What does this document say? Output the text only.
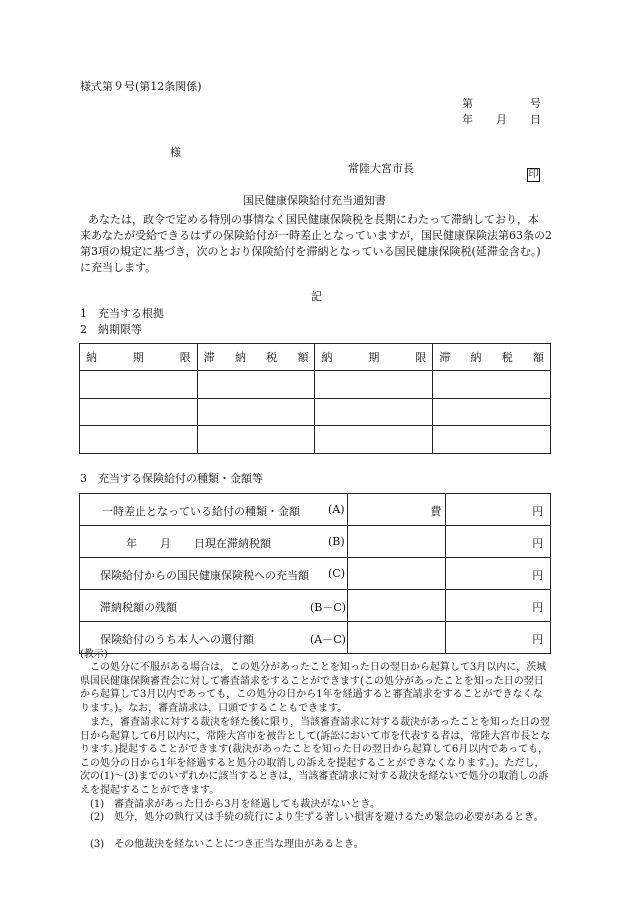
様式第９号(第12条関係)
第	号
年 月 日
様
常陸大宮市長	印
国民健康保険給付充当通知書
あなたは，政令で定める特別の事情なく国民健康保険税を長期にわたって滞納しており，本
来あなたが受給できるはずの保険給付が一時差止となっていますが，国民健康保険法第63条の2
第3項の規定に基づき，次のとおり保険給付を滞納となっている国民健康保険税(延滞金含む。)
に充当します。
記
1　充当する根拠
2　納期限等
納 期 限	滞 納 税 額	納 期 限	滞 納 税 額

3　充当する保険給付の種類・金額等
一時差止となっている給付の種類・金額 (A)	費	円

年 月 日現在滞納税額 (B)		円

保険給付からの国民健康保険税への充当額 (C)		円

滞納税額の残額 (B－C)		円

保険給付のうち本人への還付額 (A－C)		円
(教示)
この処分に不服がある場合は，この処分があったことを知った日の翌日から起算して3月以内に，茨城県国民健康保険審査会に対して審査請求をすることができます(この処分があったことを知った日の翌日から起算して3月以内であっても，この処分の日から1年を経過すると審査請求をすることができなくなります。)。なお，審査請求は，口頭ですることもできます。
また，審査請求に対する裁決を経た後に限り，当該審査請求に対する裁決があったことを知った日の翌日から起算して6月以内に，常陸大宮市を被告として(訴訟において市を代表する者は，常陸大宮市長となります。)提起することができます(裁決があったことを知った日の翌日から起算して6月以内であっても，この処分の日から1年を経過すると処分の取消しの訴えを提起することができなくなります。)。ただし，次の(1)～(3)までのいずれかに該当するときは，当該審査請求に対する裁決を経ないで処分の取消しの訴えを提起することができます。
(1)　審査請求があった日から3月を経過しても裁決がないとき。
(2)　処分，処分の執行又は手続の続行により生ずる著しい損害を避けるため緊急の必要があるとき。
(3)　その他裁決を経ないことにつき正当な理由があるとき。
